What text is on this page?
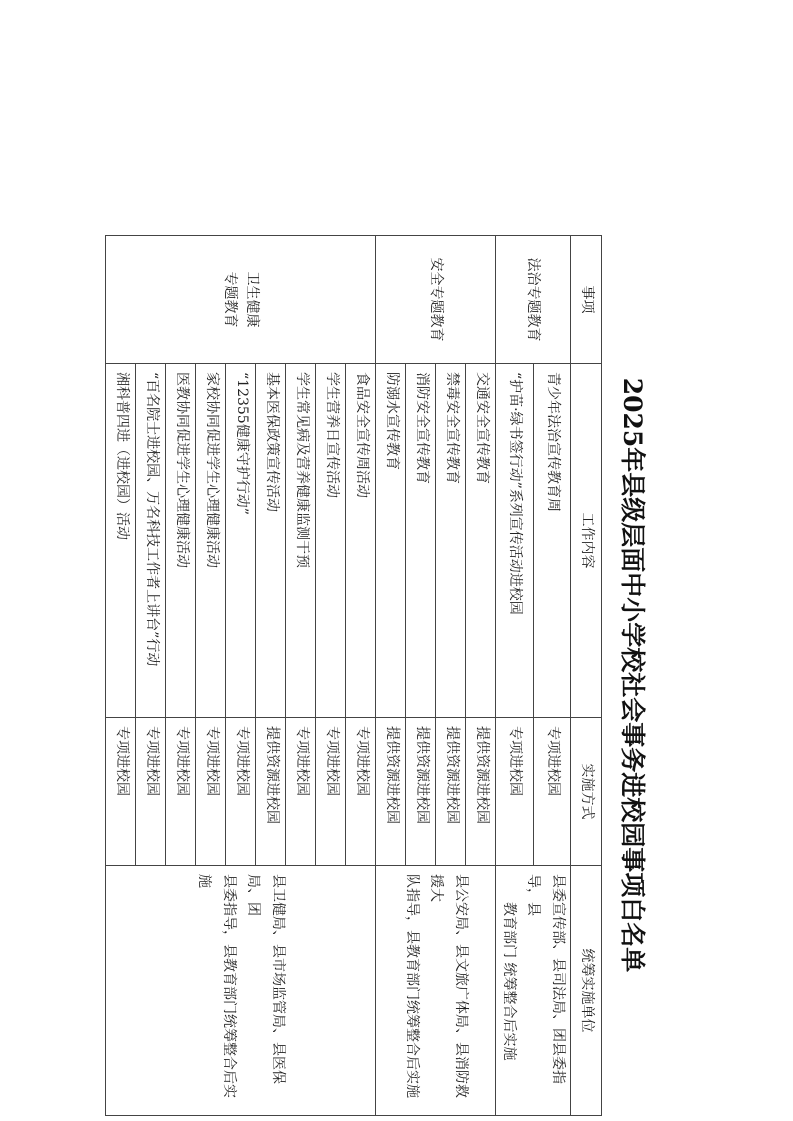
2025年县级层面中小学校社会事务进校园事项白名单
事项	工作内容	实施方式	统筹实施单位

法治专题教育	青少年法治宣传教育周	专项进校园	县委宣传部、县司法局、团县委指导，县
教育部门 统筹整合后实施

	“护苗·绿书签行动”系列宣传活动进校园	专项进校园	

安全专题教育	交通安全宣传教育	提供资源进校园	县公安局、县文旅广体局、县消防救援大
队指导，县教育部门统筹整合后实施

	禁毒安全宣传教育	提供资源进校园	
	消防安全宣传教育	提供资源进校园	
	防溺水宣传教育	提供资源进校园	

卫生健康
专题教育	食品安全宣传周活动	专项进校园	县卫健局、县市场监管局、县医保局、团
县委指导，县教育部门统筹整合后实施

	学生营养日宣传活动	专项进校园	
	学生常见病及营养健康监测干预	专项进校园	
	基本医保政策宣传活动	提供资源进校园	
	“12355健康守护行动”	专项进校园	
	家校协同促进学生心理健康活动	专项进校园	
	医教协同促进学生心理健康活动	专项进校园	
	“百名院士进校园、万名科技工作者上讲台”行动	专项进校园	
	湘科普四进（进校园）活动	专项进校园	
